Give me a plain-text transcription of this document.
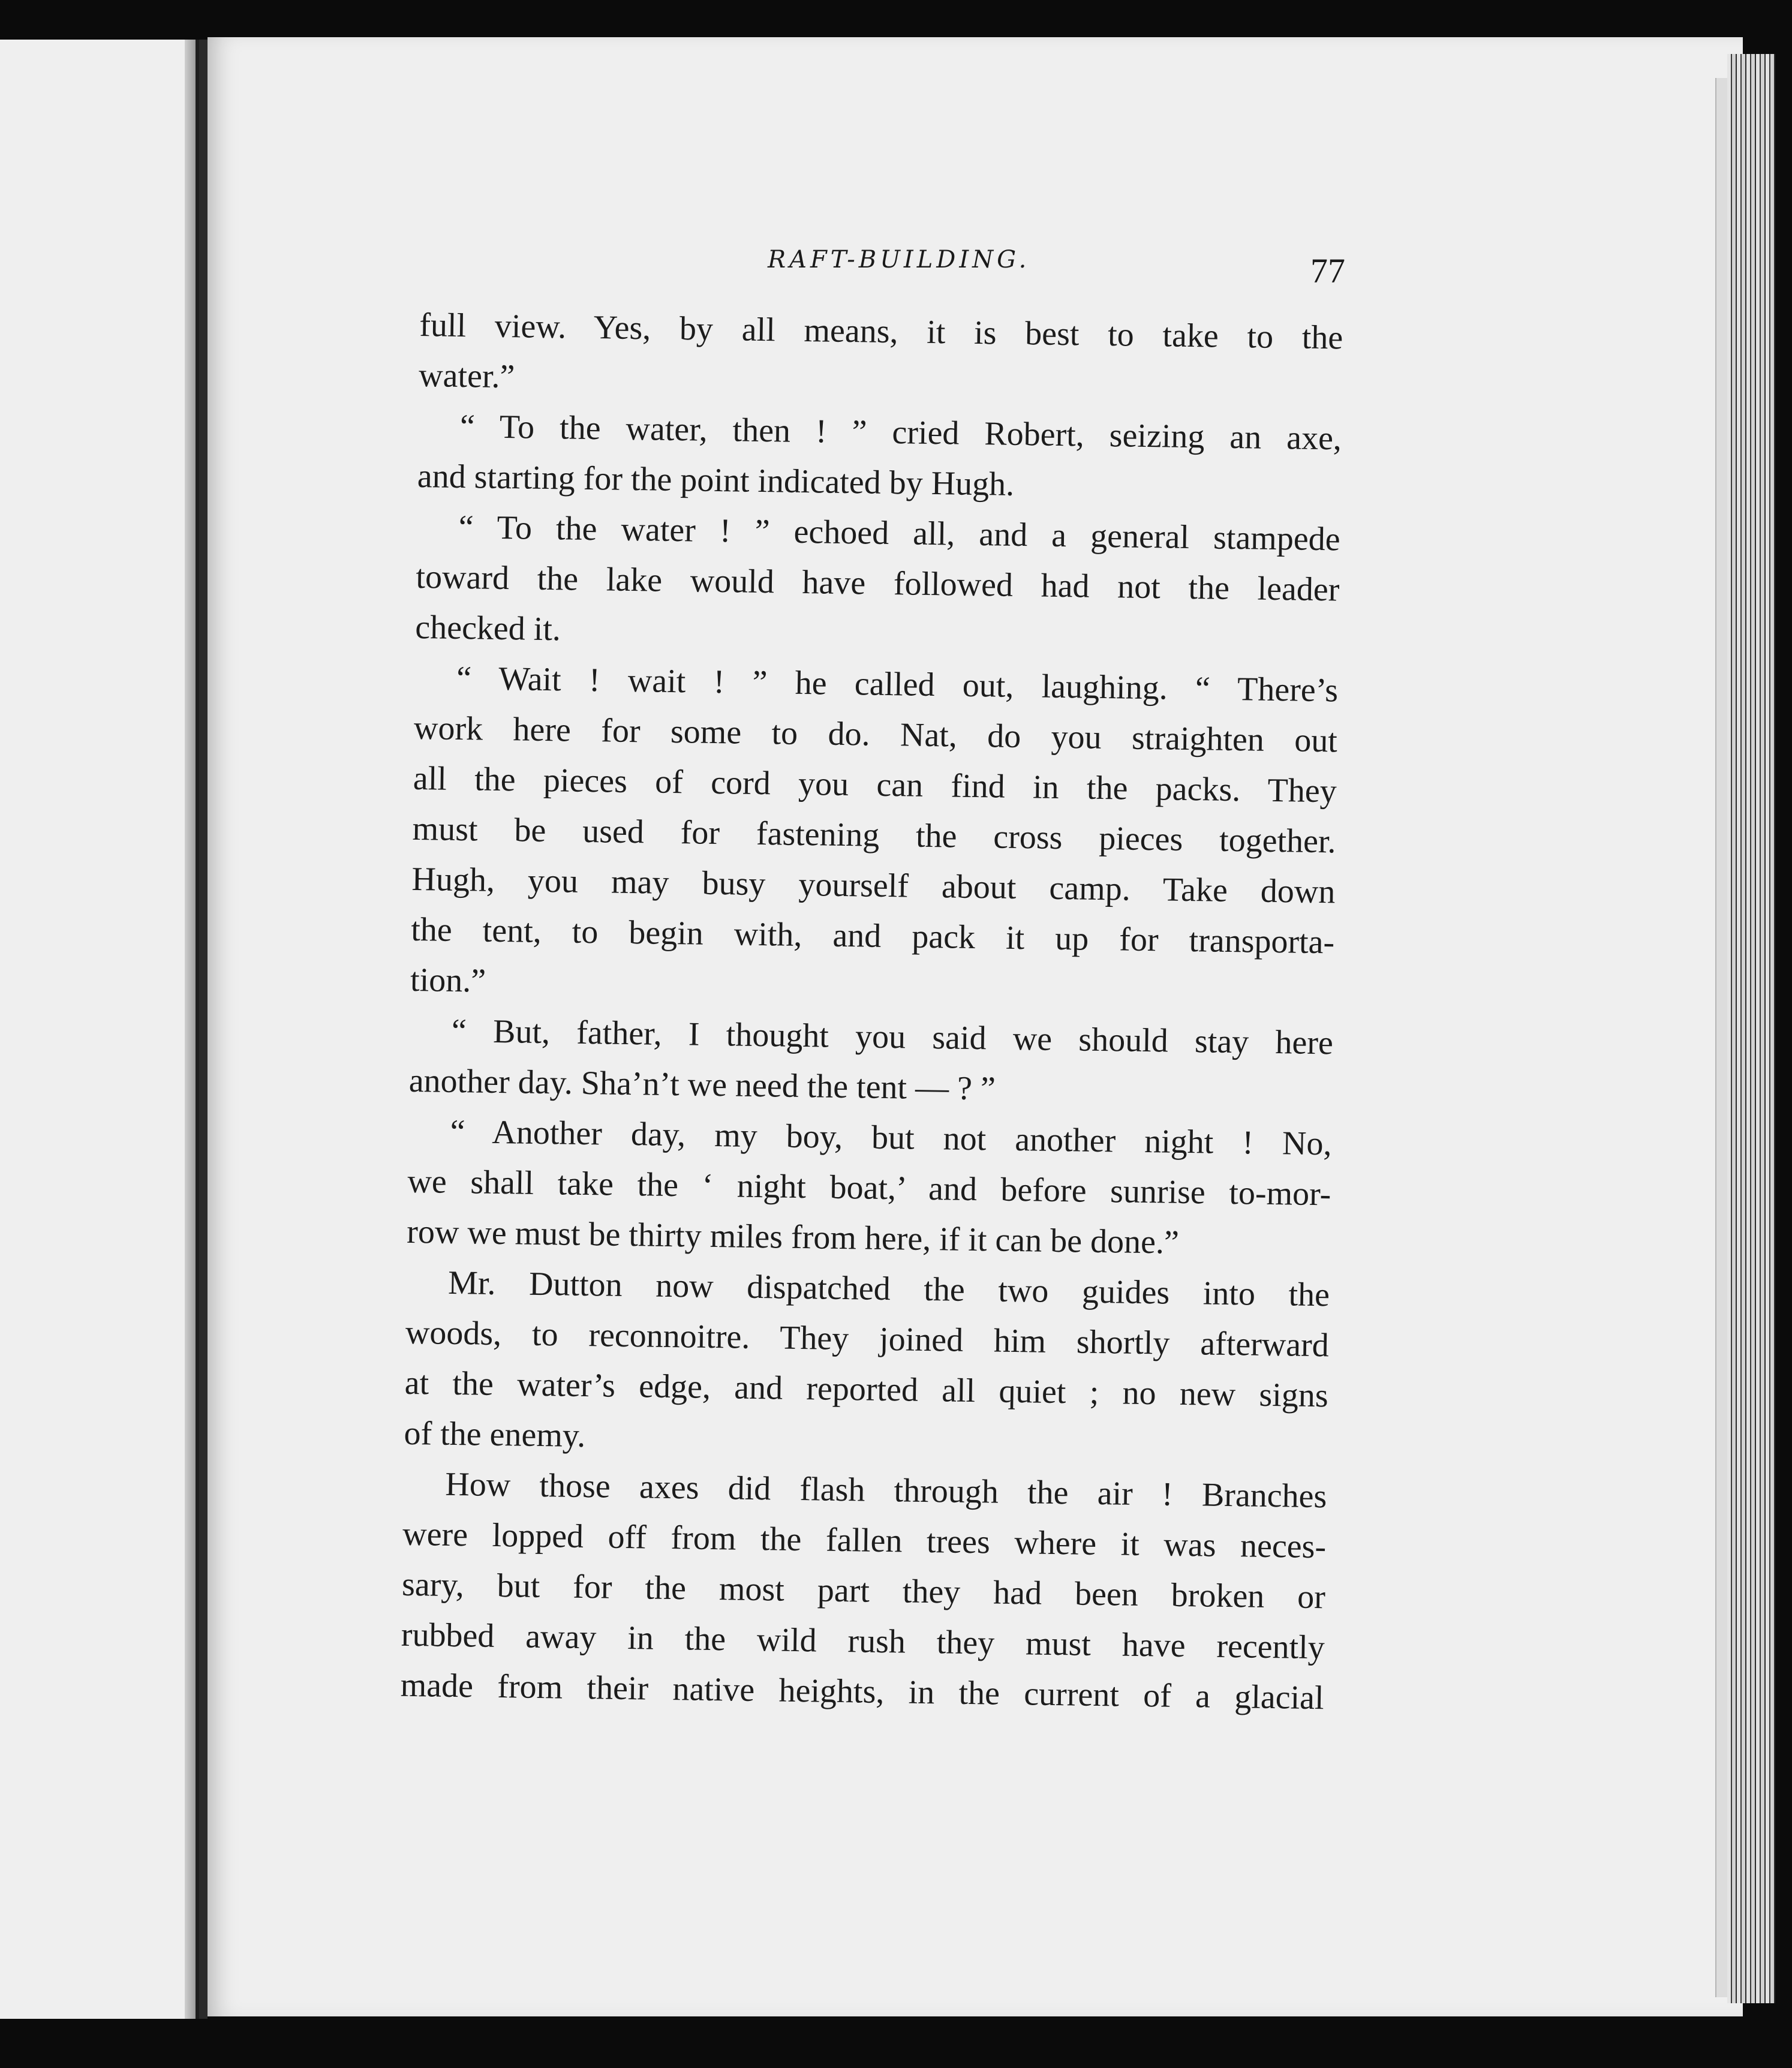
RAFT-BUILDING.	77
full view. Yes, by all means, it is best to take to the
water.”
“ To the water, then ! ” cried Robert, seizing an axe,
and starting for the point indicated by Hugh.
“ To the water ! ” echoed all, and a general stampede
toward the lake would have followed had not the leader
checked it.
“ Wait ! wait ! ” he called out, laughing. “ There’s
work here for some to do. Nat, do you straighten out
all the pieces of cord you can find in the packs. They
must be used for fastening the cross pieces together.
Hugh, you may busy yourself about camp. Take down
the tent, to begin with, and pack it up for transporta-
tion.”
“ But, father, I thought you said we should stay here
another day. Sha’n’t we need the tent — ? ”
“ Another day, my boy, but not another night ! No,
we shall take the ‘ night boat,’ and before sunrise to-mor-
row we must be thirty miles from here, if it can be done.”
Mr. Dutton now dispatched the two guides into the
woods, to reconnoitre. They joined him shortly afterward
at the water’s edge, and reported all quiet ; no new signs
of the enemy.
How those axes did flash through the air ! Branches
were lopped off from the fallen trees where it was neces-
sary, but for the most part they had been broken or
rubbed away in the wild rush they must have recently
made from their native heights, in the current of a glacial
